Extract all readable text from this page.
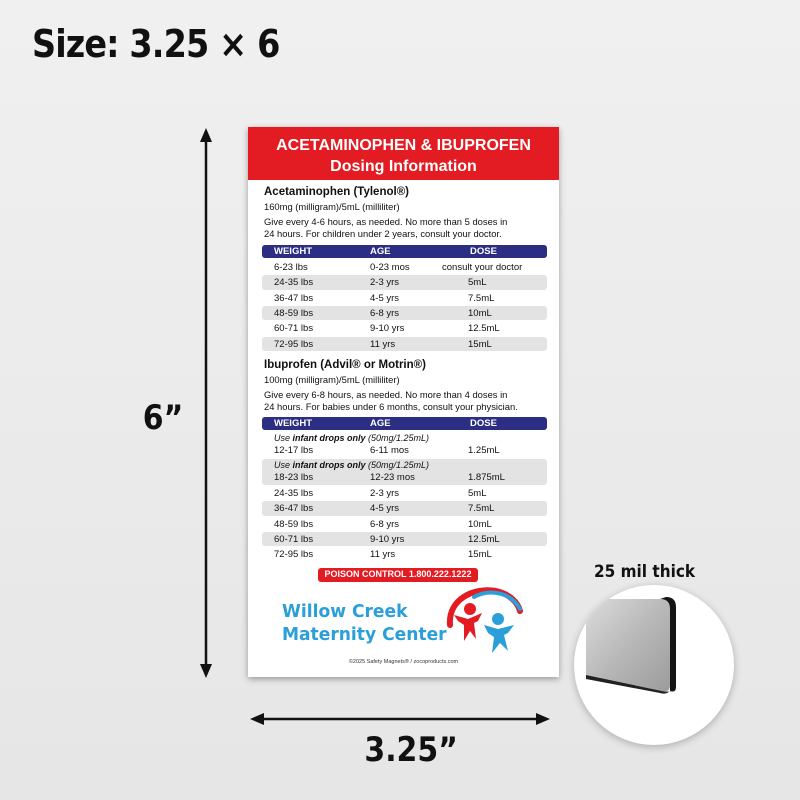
Size: 3.25 × 6
6”
3.25”
ACETAMINOPHEN & IBUPROFEN
Dosing Information
Acetaminophen (Tylenol®)
160mg (milligram)/5mL (milliliter)
Give every 4-6 hours, as needed. No more than 5 doses in
24 hours. For children under 2 years, consult your doctor.
WEIGHT	AGE	DOSE
6-23 lbs	0-23 mos	consult your doctor
24-35 lbs	2-3 yrs	5mL
36-47 lbs	4-5 yrs	7.5mL
48-59 lbs	6-8 yrs	10mL
60-71 lbs	9-10 yrs	12.5mL
72-95 lbs	11 yrs	15mL
Ibuprofen (Advil® or Motrin®)
100mg (milligram)/5mL (milliliter)
Give every 6-8 hours, as needed. No more than 4 doses in
24 hours. For babies under 6 months, consult your physician.
WEIGHT	AGE	DOSE
Use infant drops only (50mg/1.25mL)
12-17 lbs	6-11 mos	1.25mL
Use infant drops only (50mg/1.25mL)
18-23 lbs	12-23 mos	1.875mL
24-35 lbs	2-3 yrs	5mL
36-47 lbs	4-5 yrs	7.5mL
48-59 lbs	6-8 yrs	10mL
60-71 lbs	9-10 yrs	12.5mL
72-95 lbs	11 yrs	15mL
POISON CONTROL 1.800.222.1222
Willow Creek
Maternity Center
©2025 Safety Magnets® / zocoproducts.com
25 mil thick
